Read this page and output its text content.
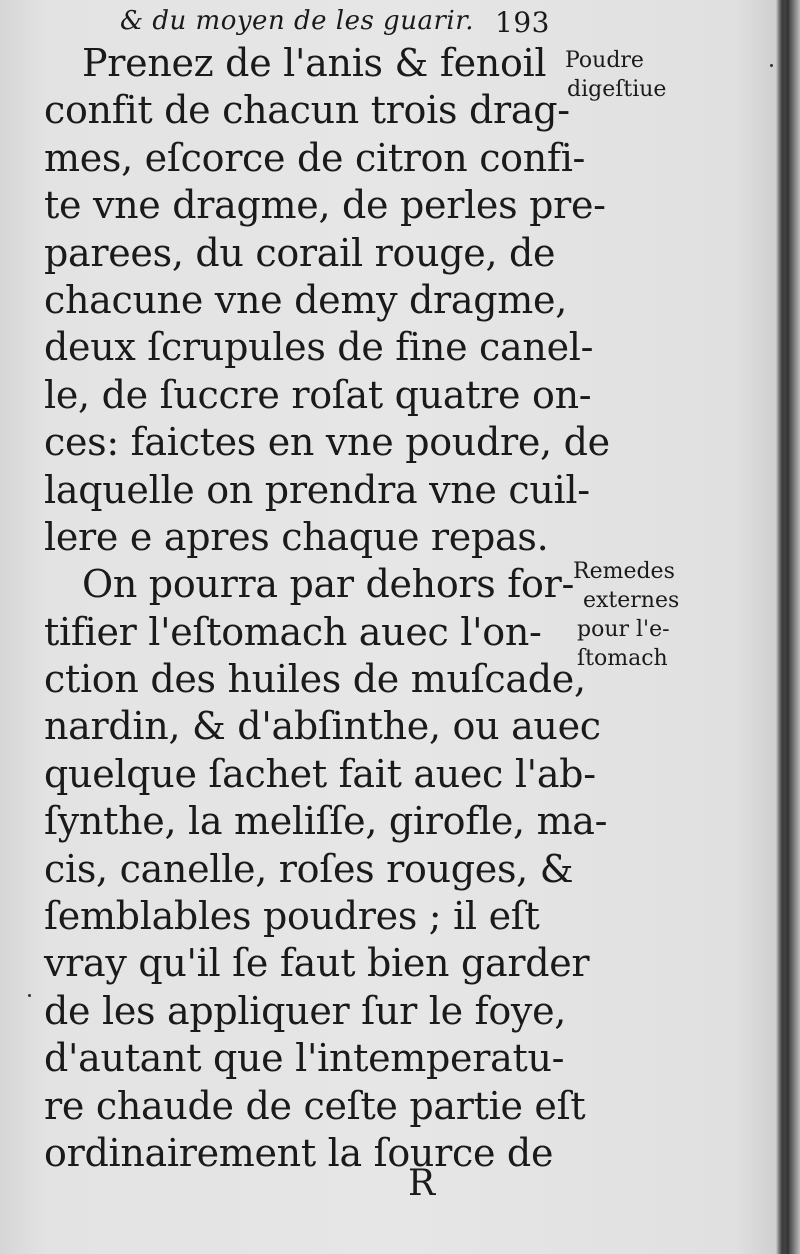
& du moyen de les guarir. 193
Prenez de l'anis & fenoil
confit de chacun trois drag-
mes, eſcorce de citron confi-
te vne dragme, de perles pre-
parees, du corail rouge, de
chacune vne demy dragme,
deux ſcrupules de fine canel-
le, de ſuccre roſat quatre on-
ces: faictes en vne poudre, de
laquelle on prendra vne cuil-
lere e apres chaque repas.
On pourra par dehors for-
tifier l'eſtomach auec l'on-
ction des huiles de muſcade,
nardin, & d'abſinthe, ou auec
quelque ſachet fait auec l'ab-
ſynthe, la meliſſe, girofle, ma-
cis, canelle, roſes rouges, &
ſemblables poudres ; il eſt
vray qu'il ſe faut bien garder
de les appliquer ſur le foye,
d'autant que l'intemperatu-
re chaude de ceſte partie eſt
ordinairement la ſource de
Poudre
digeſtiue
Remedes
externes
pour l'e-
ſtomach
R
